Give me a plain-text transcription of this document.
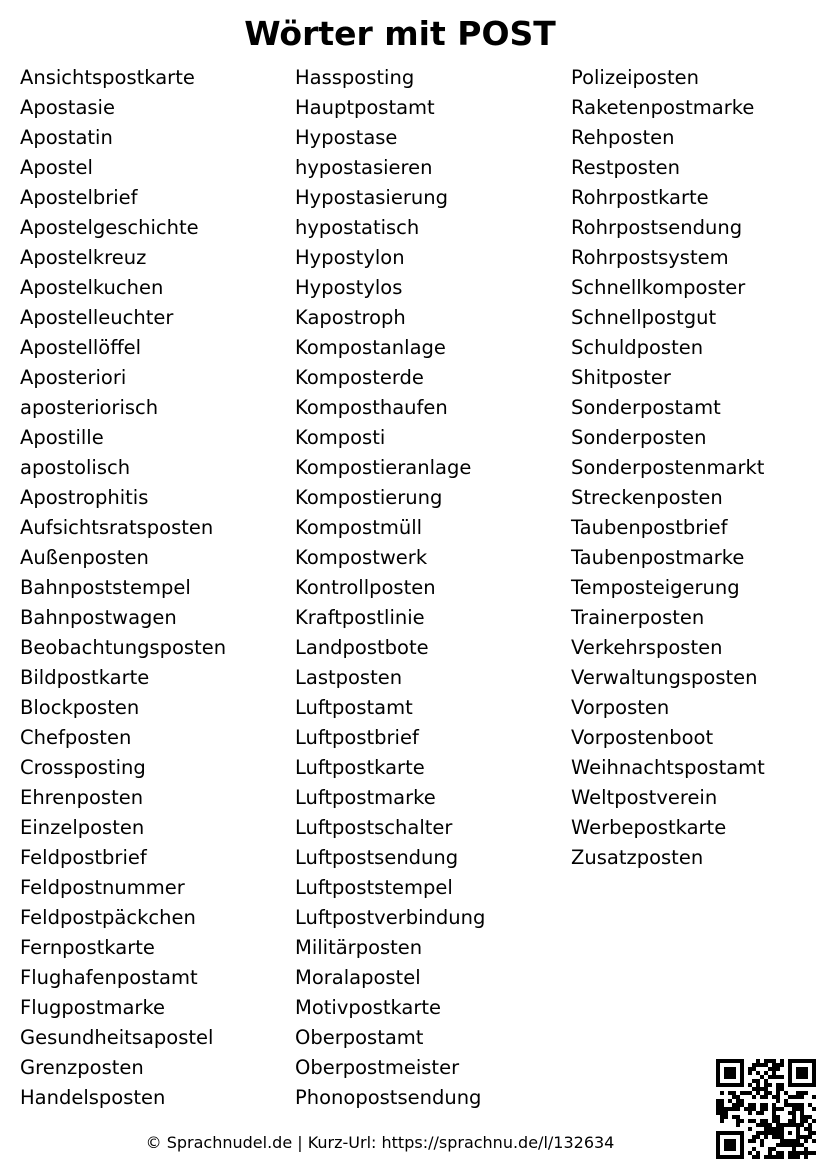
Wörter mit POST
Ansichtspostkarte
Apostasie
Apostatin
Apostel
Apostelbrief
Apostelgeschichte
Apostelkreuz
Apostelkuchen
Apostelleuchter
Apostellöffel
Aposteriori
aposteriorisch
Apostille
apostolisch
Apostrophitis
Aufsichtsratsposten
Außenposten
Bahnpoststempel
Bahnpostwagen
Beobachtungsposten
Bildpostkarte
Blockposten
Chefposten
Crossposting
Ehrenposten
Einzelposten
Feldpostbrief
Feldpostnummer
Feldpostpäckchen
Fernpostkarte
Flughafenpostamt
Flugpostmarke
Gesundheitsapostel
Grenzposten
Handelsposten
Hassposting
Hauptpostamt
Hypostase
hypostasieren
Hypostasierung
hypostatisch
Hypostylon
Hypostylos
Kapostroph
Kompostanlage
Komposterde
Komposthaufen
Komposti
Kompostieranlage
Kompostierung
Kompostmüll
Kompostwerk
Kontrollposten
Kraftpostlinie
Landpostbote
Lastposten
Luftpostamt
Luftpostbrief
Luftpostkarte
Luftpostmarke
Luftpostschalter
Luftpostsendung
Luftpoststempel
Luftpostverbindung
Militärposten
Moralapostel
Motivpostkarte
Oberpostamt
Oberpostmeister
Phonopostsendung
Polizeiposten
Raketenpostmarke
Rehposten
Restposten
Rohrpostkarte
Rohrpostsendung
Rohrpostsystem
Schnellkomposter
Schnellpostgut
Schuldposten
Shitposter
Sonderpostamt
Sonderposten
Sonderpostenmarkt
Streckenposten
Taubenpostbrief
Taubenpostmarke
Temposteigerung
Trainerposten
Verkehrsposten
Verwaltungsposten
Vorposten
Vorpostenboot
Weihnachtspostamt
Weltpostverein
Werbepostkarte
Zusatzposten
© Sprachnudel.de | Kurz-Url: https://sprachnu.de/l/132634
